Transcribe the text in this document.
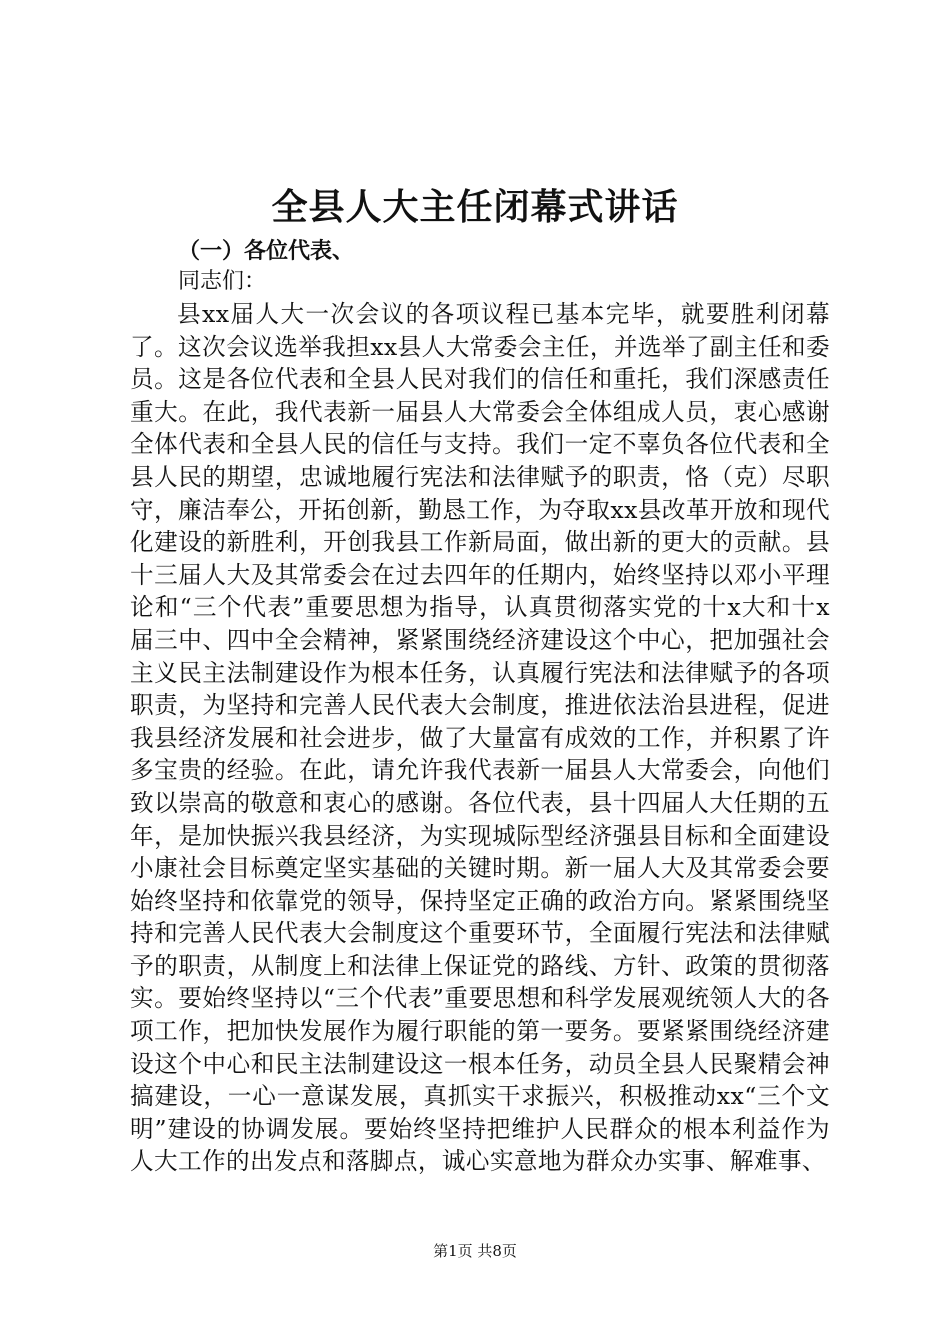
全县人大主任闭幕式讲话

（一）各位代表、

同志们：

县xx届人大一次会议的各项议程已基本完毕，就要胜利闭幕了。这次会议选举我担xx县人大常委会主任，并选举了副主任和委员。这是各位代表和全县人民对我们的信任和重托，我们深感责任重大。在此，我代表新一届县人大常委会全体组成人员，衷心感谢全体代表和全县人民的信任与支持。我们一定不辜负各位代表和全县人民的期望，忠诚地履行宪法和法律赋予的职责，恪（克）尽职守，廉洁奉公，开拓创新，勤恳工作，为夺取xx县改革开放和现代化建设的新胜利，开创我县工作新局面，做出新的更大的贡献。县十三届人大及其常委会在过去四年的任期内，始终坚持以邓小平理论和“三个代表”重要思想为指导，认真贯彻落实党的十x大和十x届三中、四中全会精神，紧紧围绕经济建设这个中心，把加强社会主义民主法制建设作为根本任务，认真履行宪法和法律赋予的各项职责，为坚持和完善人民代表大会制度，推进依法治县进程，促进我县经济发展和社会进步，做了大量富有成效的工作，并积累了许多宝贵的经验。在此，请允许我代表新一届县人大常委会，向他们致以崇高的敬意和衷心的感谢。各位代表，县十四届人大任期的五年，是加快振兴我县经济，为实现城际型经济强县目标和全面建设小康社会目标奠定坚实基础的关键时期。新一届人大及其常委会要始终坚持和依靠党的领导，保持坚定正确的政治方向。紧紧围绕坚持和完善人民代表大会制度这个重要环节，全面履行宪法和法律赋予的职责，从制度上和法律上保证党的路线、方针、政策的贯彻落实。要始终坚持以“三个代表”重要思想和科学发展观统领人大的各项工作，把加快发展作为履行职能的第一要务。要紧紧围绕经济建设这个中心和民主法制建设这一根本任务，动员全县人民聚精会神搞建设，一心一意谋发展，真抓实干求振兴，积极推动xx“三个文明”建设的协调发展。要始终坚持把维护人民群众的根本利益作为人大工作的出发点和落脚点，诚心实意地为群众办实事、解难事、

第1页 共8页
